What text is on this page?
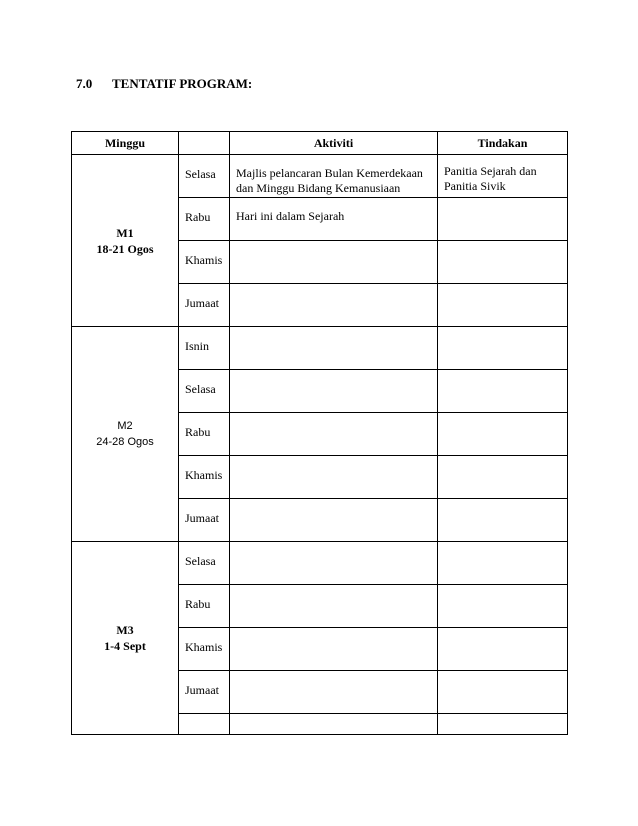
7.0 TENTATIF PROGRAM:
Minggu		Aktiviti	Tindakan

M1
18-21 Ogos	Selasa	Majlis pelancaran Bulan Kemerdekaan dan Minggu Bidang Kemanusiaan	Panitia Sejarah dan Panitia Sivik
	Rabu	Hari ini dalam Sejarah	
	Khamis		
	Jumaat		

M2
24-28 Ogos	Isnin		
	Selasa		
	Rabu		
	Khamis		
	Jumaat		

M3
1-4 Sept	Selasa		
	Rabu		
	Khamis		
	Jumaat		
